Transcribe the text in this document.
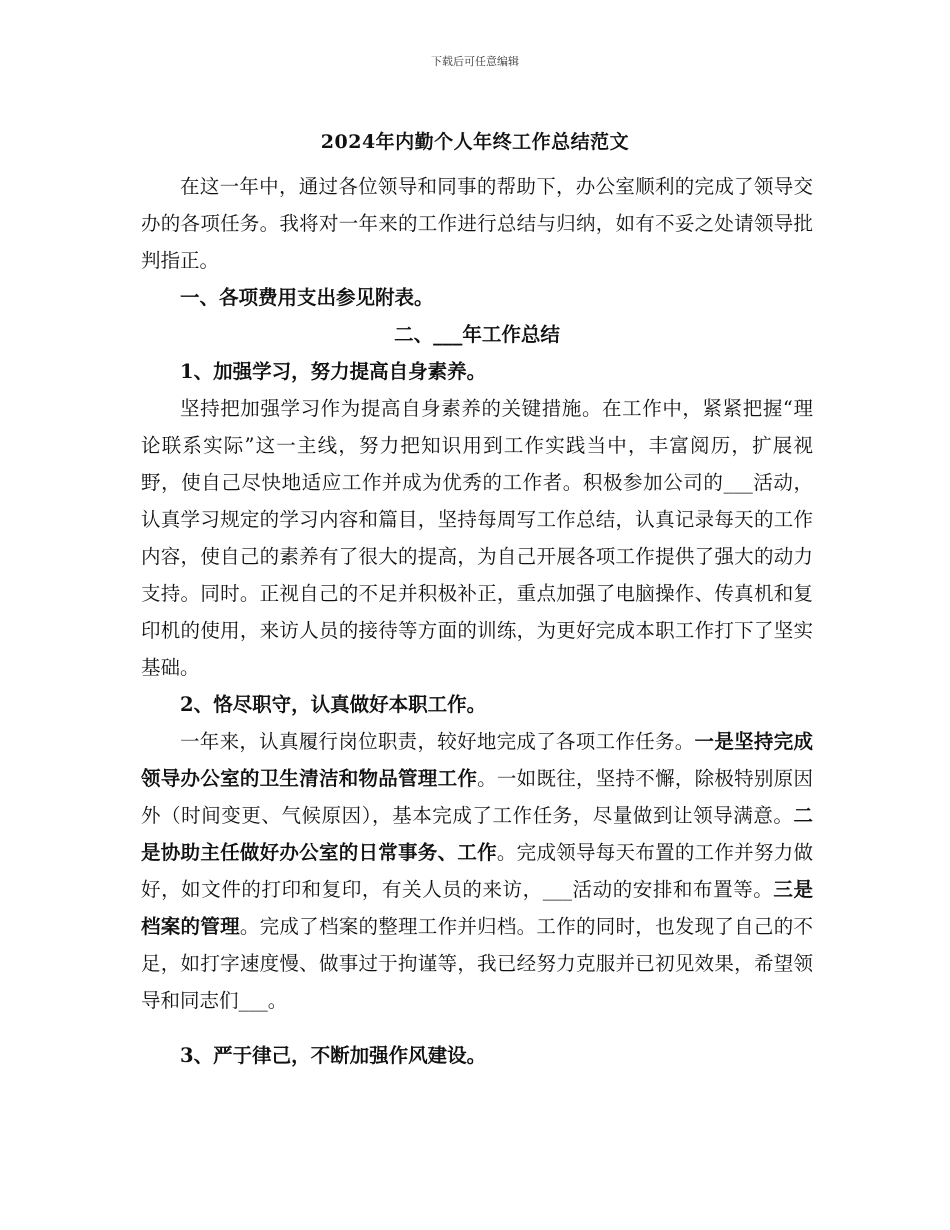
下载后可任意编辑
2024年内勤个人年终工作总结范文

在这一年中，通过各位领导和同事的帮助下，办公室顺利的完成了领导交办的各项任务。我将对一年来的工作进行总结与归纳，如有不妥之处请领导批判指正。

一、各项费用支出参见附表。

二、___年工作总结

1、加强学习，努力提高自身素养。

坚持把加强学习作为提高自身素养的关键措施。在工作中，紧紧把握“理论联系实际”这一主线，努力把知识用到工作实践当中，丰富阅历，扩展视野，使自己尽快地适应工作并成为优秀的工作者。积极参加公司的___活动，认真学习规定的学习内容和篇目，坚持每周写工作总结，认真记录每天的工作内容，使自己的素养有了很大的提高，为自己开展各项工作提供了强大的动力支持。同时。正视自己的不足并积极补正，重点加强了电脑操作、传真机和复印机的使用，来访人员的接待等方面的训练，为更好完成本职工作打下了坚实基础。

2、恪尽职守，认真做好本职工作。

一年来，认真履行岗位职责，较好地完成了各项工作任务。一是坚持完成领导办公室的卫生清洁和物品管理工作。一如既往，坚持不懈，除极特别原因外（时间变更、气候原因），基本完成了工作任务，尽量做到让领导满意。二是协助主任做好办公室的日常事务、工作。完成领导每天布置的工作并努力做好，如文件的打印和复印，有关人员的来访，___活动的安排和布置等。三是档案的管理。完成了档案的整理工作并归档。工作的同时，也发现了自己的不足，如打字速度慢、做事过于拘谨等，我已经努力克服并已初见效果，希望领导和同志们___。

3、严于律己，不断加强作风建设。
